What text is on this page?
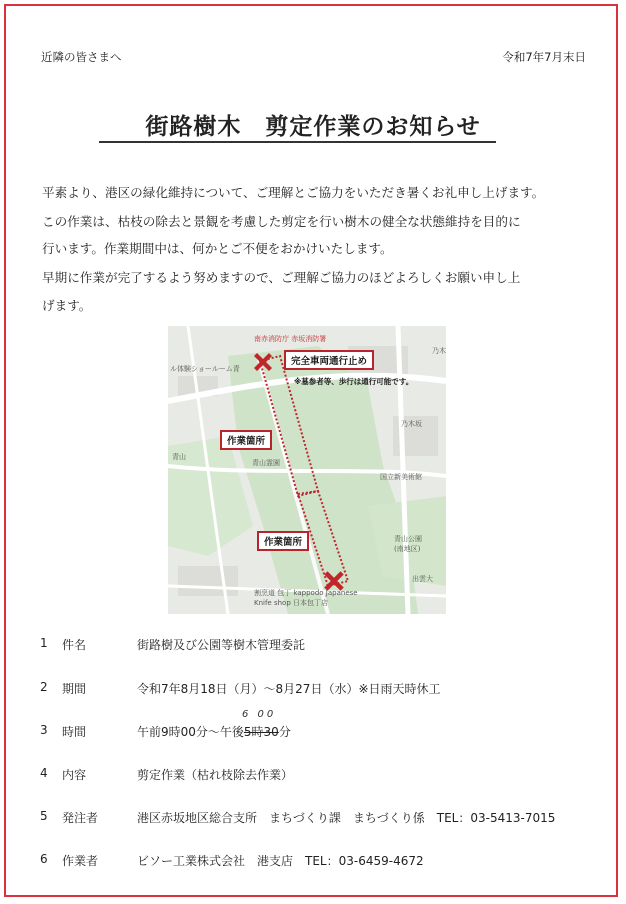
近隣の皆さまへ	令和7年7月末日
街路樹木　剪定作業のお知らせ
平素より、港区の緑化維持について、ご理解とご協力をいただき暑くお礼申し上げます。
この作業は、枯枝の除去と景観を考慮した剪定を行い樹木の健全な状態維持を目的に
行います。作業期間中は、何かとご不便をおかけいたします。
早期に作業が完了するよう努めますので、ご理解ご協力のほどよろしくお願い申し上
げます。
完全車両通行止め
※墓参者等、歩行は通行可能です。
作業箇所
作業箇所
南赤消防庁 赤坂消防署
ル体験ショールーム青
乃木坂
乃木
青山
青山霊園
国立新美術館
青山公園
(南地区)
割烹道 包丁 kappodo Japanese
Knife shop 日本包丁店
出雲大
1 件名	街路樹及び公園等樹木管理委託
2 期間	令和7年8月18日（月）～8月27日（水）※日雨天時休工
6 00
3 時間	午前9時00分～午後5時30分
4 内容	剪定作業（枯れ枝除去作業）
5 発注者	港区赤坂地区総合支所　まちづくり課　まちづくり係　TEL：03-5413-7015
6 作業者	ビソー工業株式会社　港支店　TEL：03-6459-4672
